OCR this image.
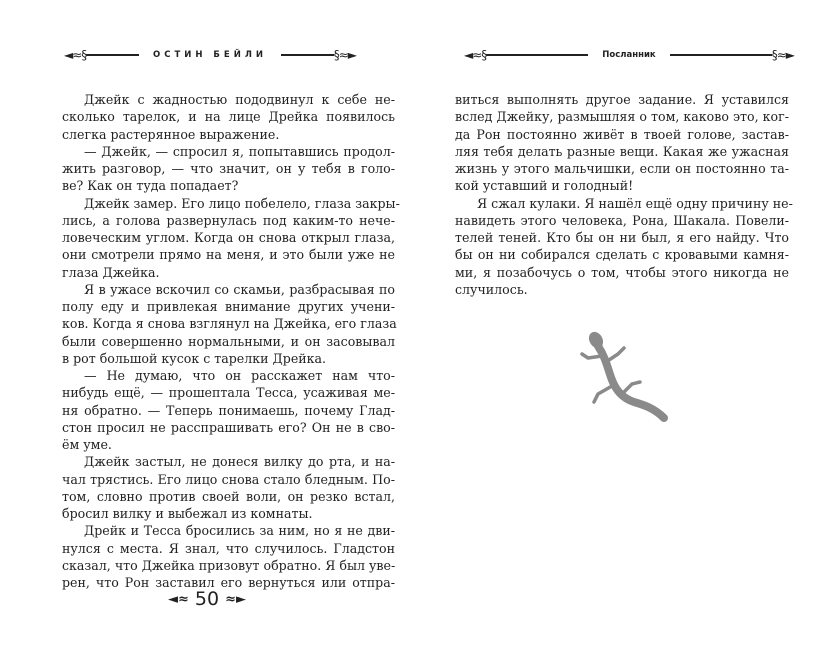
◄≈§	ОСТИН БЕЙЛИ	§≈►	◄≈§	Посланник	§≈►
Джейк с жадностью пододвинул к себе не-
сколько тарелок, и на лице Дрейка появилось
слегка растерянное выражение.
— Джейк, — спросил я, попытавшись продол-
жить разговор, — что значит, он у тебя в голо-
ве? Как он туда попадает?
Джейк замер. Его лицо побелело, глаза закры-
лись, а голова развернулась под каким-то нече-
ловеческим углом. Когда он снова открыл глаза,
они смотрели прямо на меня, и это были уже не
глаза Джейка.
Я в ужасе вскочил со скамьи, разбрасывая по
полу еду и привлекая внимание других учени-
ков. Когда я снова взглянул на Джейка, его глаза
были совершенно нормальными, и он засовывал
в рот большой кусок с тарелки Дрейка.
— Не думаю, что он расскажет нам что-
нибудь ещё, — прошептала Тесса, усаживая ме-
ня обратно. — Теперь понимаешь, почему Глад-
стон просил не расспрашивать его? Он не в сво-
ём уме.
Джейк застыл, не донеся вилку до рта, и на-
чал трястись. Его лицо снова стало бледным. По-
том, словно против своей воли, он резко встал,
бросил вилку и выбежал из комнаты.
Дрейк и Тесса бросились за ним, но я не дви-
нулся с места. Я знал, что случилось. Гладстон
сказал, что Джейка призовут обратно. Я был уве-
рен, что Рон заставил его вернуться или отпра-
виться выполнять другое задание. Я уставился
вслед Джейку, размышляя о том, каково это, ког-
да Рон постоянно живёт в твоей голове, застав-
ляя тебя делать разные вещи. Какая же ужасная
жизнь у этого мальчишки, если он постоянно та-
кой уставший и голодный!
Я сжал кулаки. Я нашёл ещё одну причину не-
навидеть этого человека, Рона, Шакала. Повели-
телей теней. Кто бы он ни был, я его найду. Что
бы он ни собирался сделать с кровавыми камня-
ми, я позабочусь о том, чтобы этого никогда не
случилось.
◄≈ 50 ≈►
